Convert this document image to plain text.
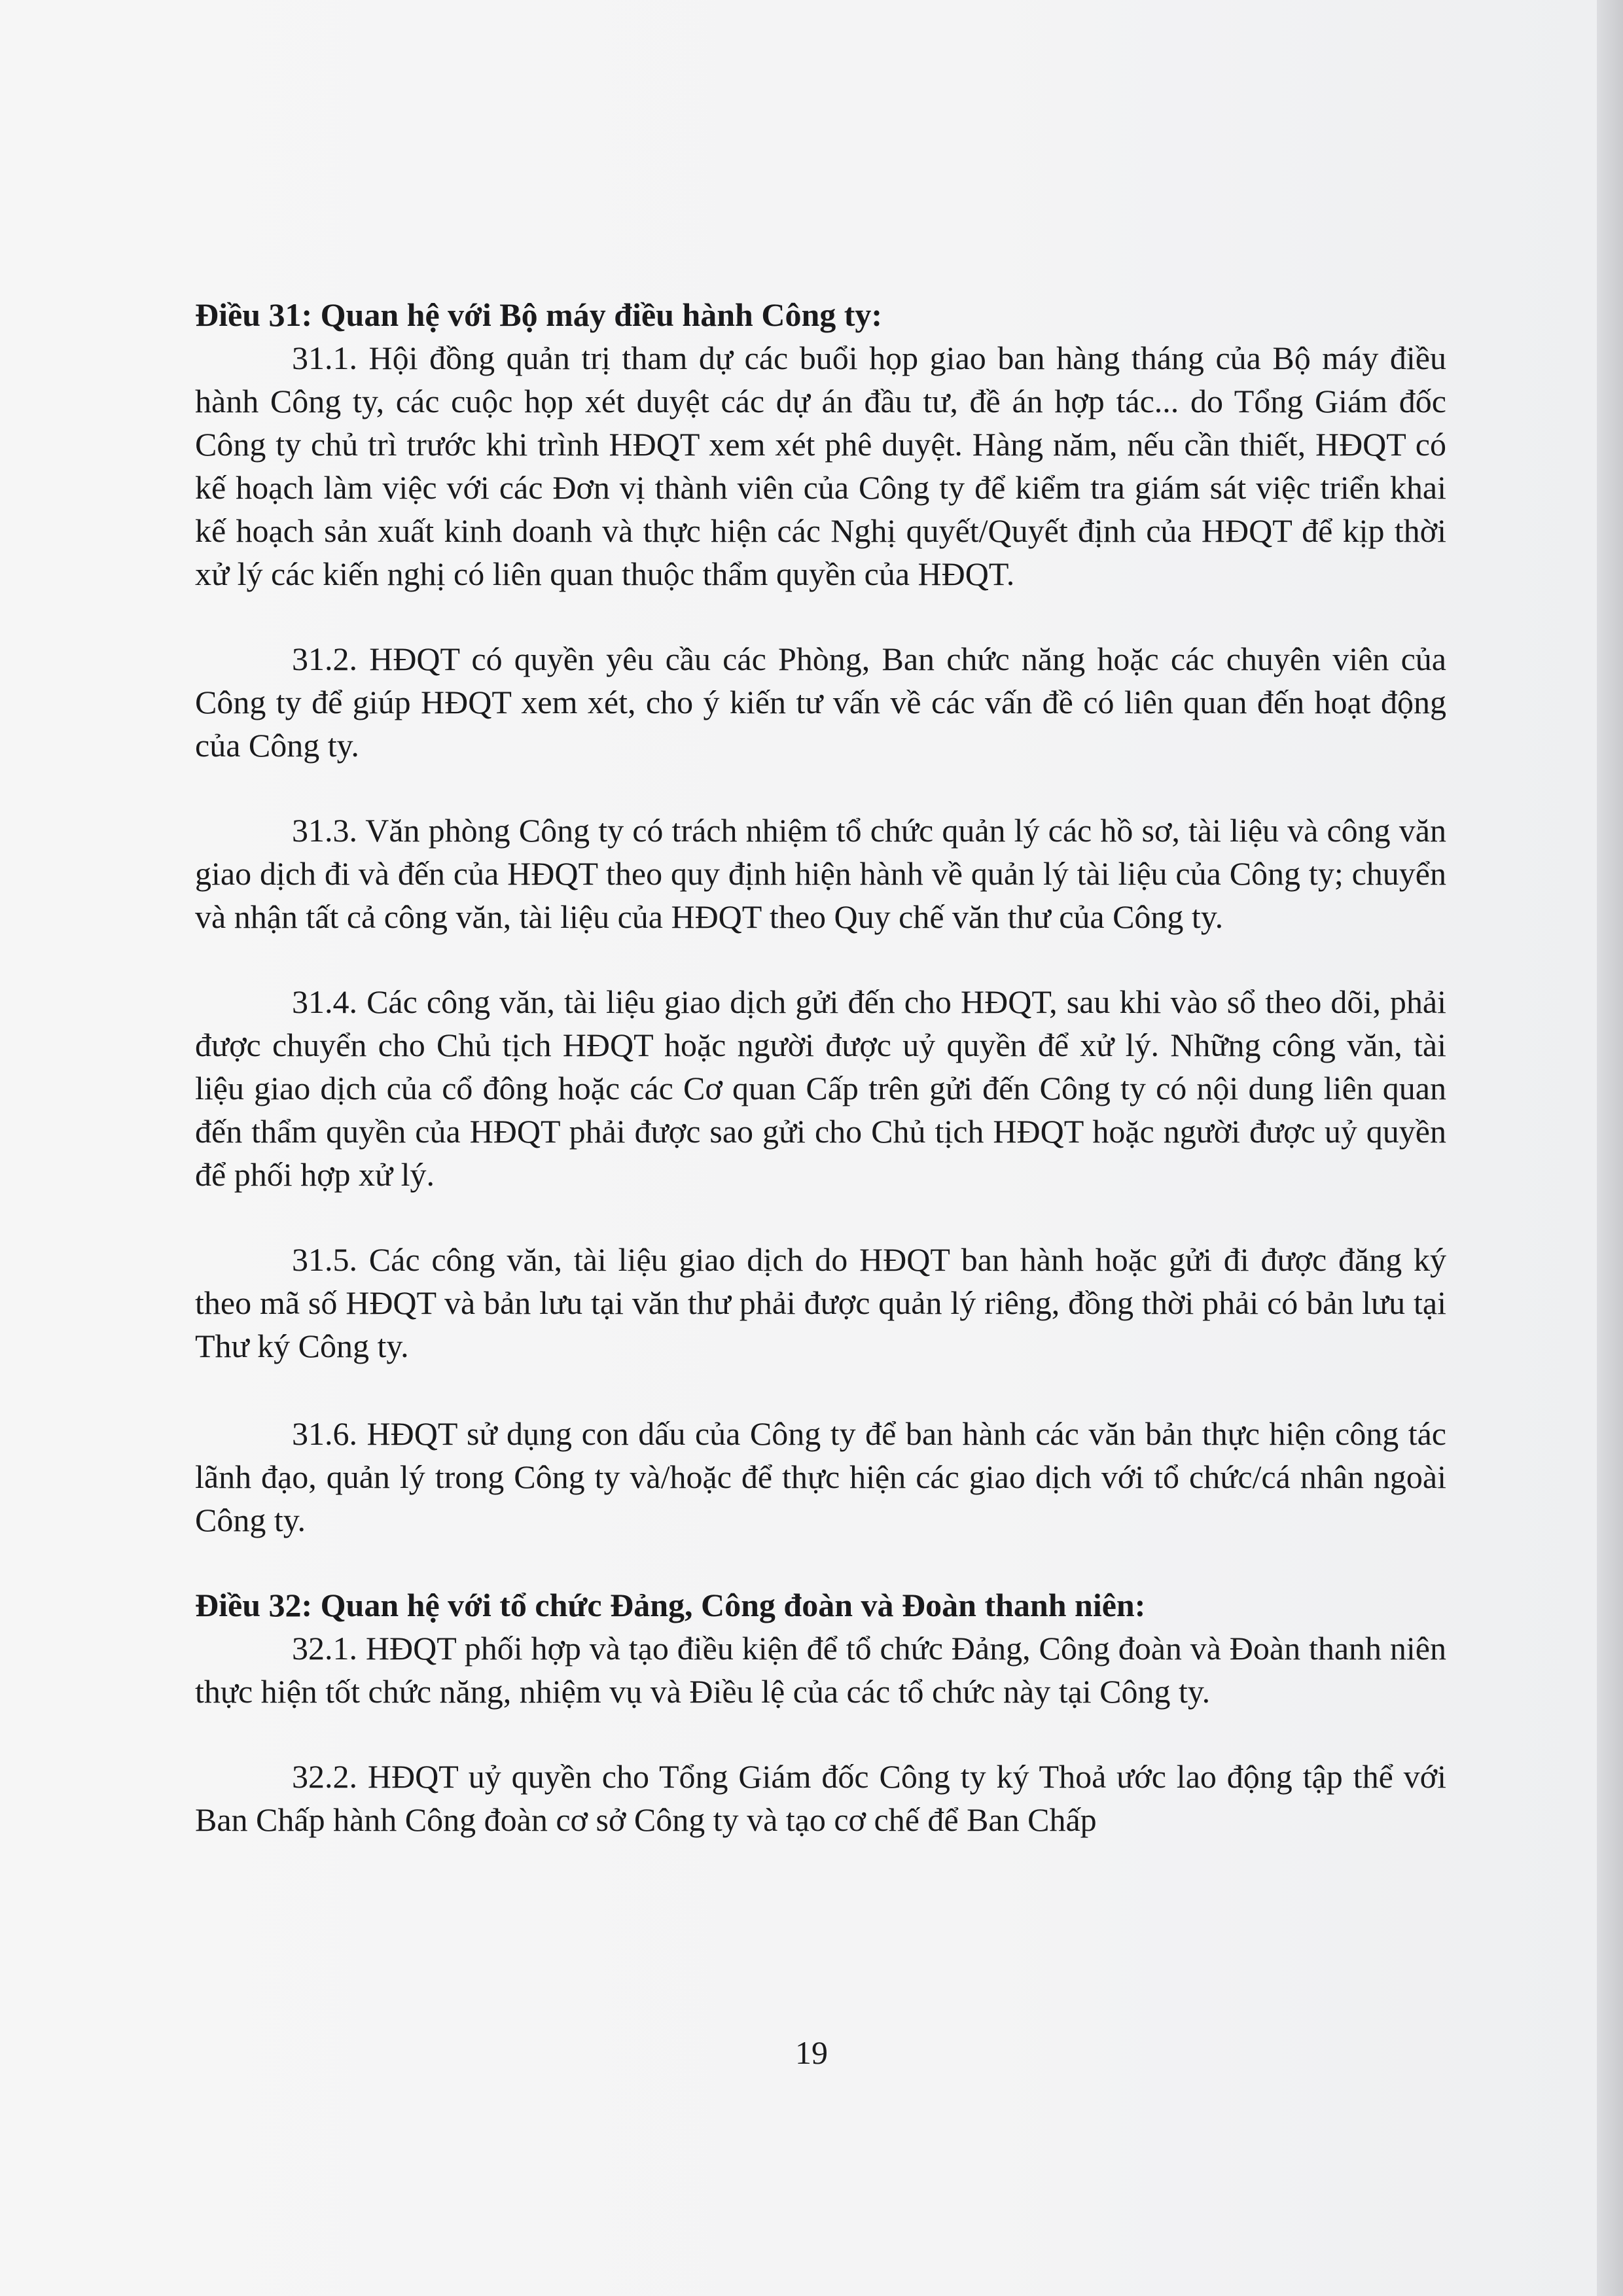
Điều 31: Quan hệ với Bộ máy điều hành Công ty:

31.1. Hội đồng quản trị tham dự các buổi họp giao ban hàng tháng của Bộ máy điều hành Công ty, các cuộc họp xét duyệt các dự án đầu tư, đề án hợp tác... do Tổng Giám đốc Công ty chủ trì trước khi trình HĐQT xem xét phê duyệt. Hàng năm, nếu cần thiết, HĐQT có kế hoạch làm việc với các Đơn vị thành viên của Công ty để kiểm tra giám sát việc triển khai kế hoạch sản xuất kinh doanh và thực hiện các Nghị quyết/Quyết định của HĐQT để kịp thời xử lý các kiến nghị có liên quan thuộc thẩm quyền của HĐQT.

31.2. HĐQT có quyền yêu cầu các Phòng, Ban chức năng hoặc các chuyên viên của Công ty để giúp HĐQT xem xét, cho ý kiến tư vấn về các vấn đề có liên quan đến hoạt động của Công ty.

31.3. Văn phòng Công ty có trách nhiệm tổ chức quản lý các hồ sơ, tài liệu và công văn giao dịch đi và đến của HĐQT theo quy định hiện hành về quản lý tài liệu của Công ty; chuyển và nhận tất cả công văn, tài liệu của HĐQT theo Quy chế văn thư của Công ty.

31.4. Các công văn, tài liệu giao dịch gửi đến cho HĐQT, sau khi vào sổ theo dõi, phải được chuyển cho Chủ tịch HĐQT hoặc người được uỷ quyền để xử lý. Những công văn, tài liệu giao dịch của cổ đông hoặc các Cơ quan Cấp trên gửi đến Công ty có nội dung liên quan đến thẩm quyền của HĐQT phải được sao gửi cho Chủ tịch HĐQT hoặc người được uỷ quyền để phối hợp xử lý.

31.5. Các công văn, tài liệu giao dịch do HĐQT ban hành hoặc gửi đi được đăng ký theo mã số HĐQT và bản lưu tại văn thư phải được quản lý riêng, đồng thời phải có bản lưu tại Thư ký Công ty.

31.6. HĐQT sử dụng con dấu của Công ty để ban hành các văn bản thực hiện công tác lãnh đạo, quản lý trong Công ty và/hoặc để thực hiện các giao dịch với tổ chức/cá nhân ngoài Công ty.

Điều 32: Quan hệ với tổ chức Đảng, Công đoàn và Đoàn thanh niên:

32.1. HĐQT phối hợp và tạo điều kiện để tổ chức Đảng, Công đoàn và Đoàn thanh niên thực hiện tốt chức năng, nhiệm vụ và Điều lệ của các tổ chức này tại Công ty.

32.2. HĐQT uỷ quyền cho Tổng Giám đốc Công ty ký Thoả ước lao động tập thể với Ban Chấp hành Công đoàn cơ sở Công ty và tạo cơ chế để Ban Chấp

19
